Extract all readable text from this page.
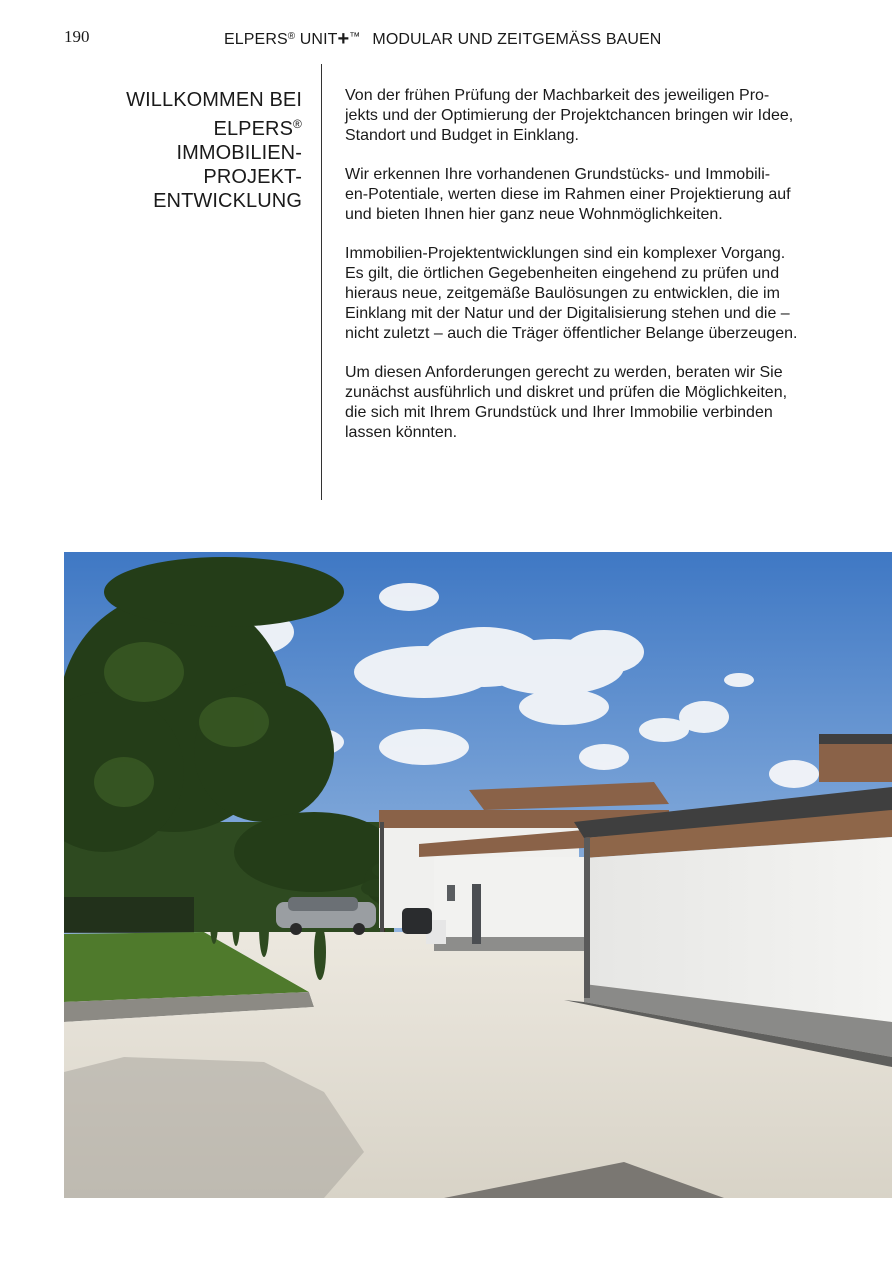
190	ELPERS® UNIT+™ MODULAR UND ZEITGEMÄSS BAUEN
WILLKOMMEN BEI
ELPERS®
IMMOBILIEN-
PROJEKT-
ENTWICKLUNG

Von der frühen Prüfung der Machbarkeit des jeweiligen Pro-
jekts und der Optimierung der Projektchancen bringen wir Idee,
Standort und Budget in Einklang.

Wir erkennen Ihre vorhandenen Grundstücks- und Immobili-
en-Potentiale, werten diese im Rahmen einer Projektierung auf
und bieten Ihnen hier ganz neue Wohnmöglichkeiten.

Immobilien-Projektentwicklungen sind ein komplexer Vorgang.
Es gilt, die örtlichen Gegebenheiten eingehend zu prüfen und
hieraus neue, zeitgemäße Baulösungen zu entwicklen, die im
Einklang mit der Natur und der Digitalisierung stehen und die –
nicht zuletzt – auch die Träger öffentlicher Belange überzeugen.

Um diesen Anforderungen gerecht zu werden, beraten wir Sie
zunächst ausführlich und diskret und prüfen die Möglichkeiten,
die sich mit Ihrem Grundstück und Ihrer Immobilie verbinden
lassen könnten.
